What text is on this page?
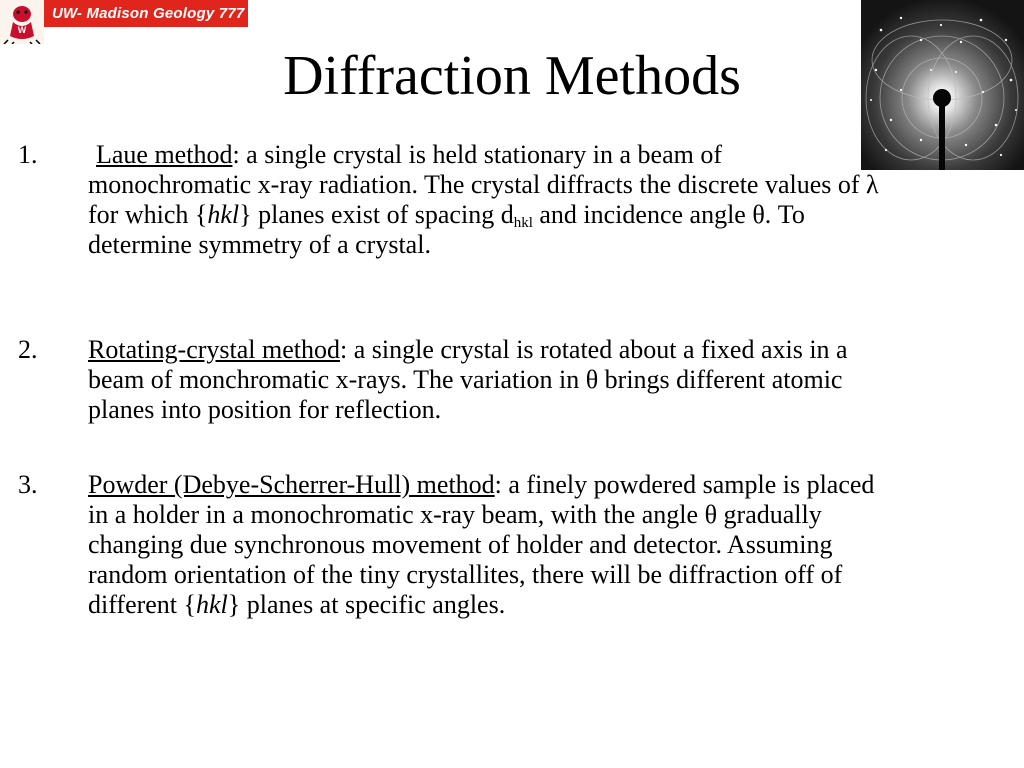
W
UW- Madison Geology 777
Diffraction Methods
1.	Laue method: a single crystal is held stationary in a beam of monochromatic x-ray radiation. The crystal diffracts the discrete values of λ for which {hkl} planes exist of spacing $d_{hkl}$ and incidence angle θ. To determine symmetry of a crystal.
2. Rotating-crystal method: a single crystal is rotated about a fixed axis in a beam of monchromatic x-rays. The variation in θ brings different atomic planes into position for reflection.
3. Powder (Debye-Scherrer-Hull) method: a finely powdered sample is placed in a holder in a monochromatic x-ray beam, with the angle θ gradually changing due synchronous movement of holder and detector. Assuming random orientation of the tiny crystallites, there will be diffraction off of different {hkl} planes at specific angles.
